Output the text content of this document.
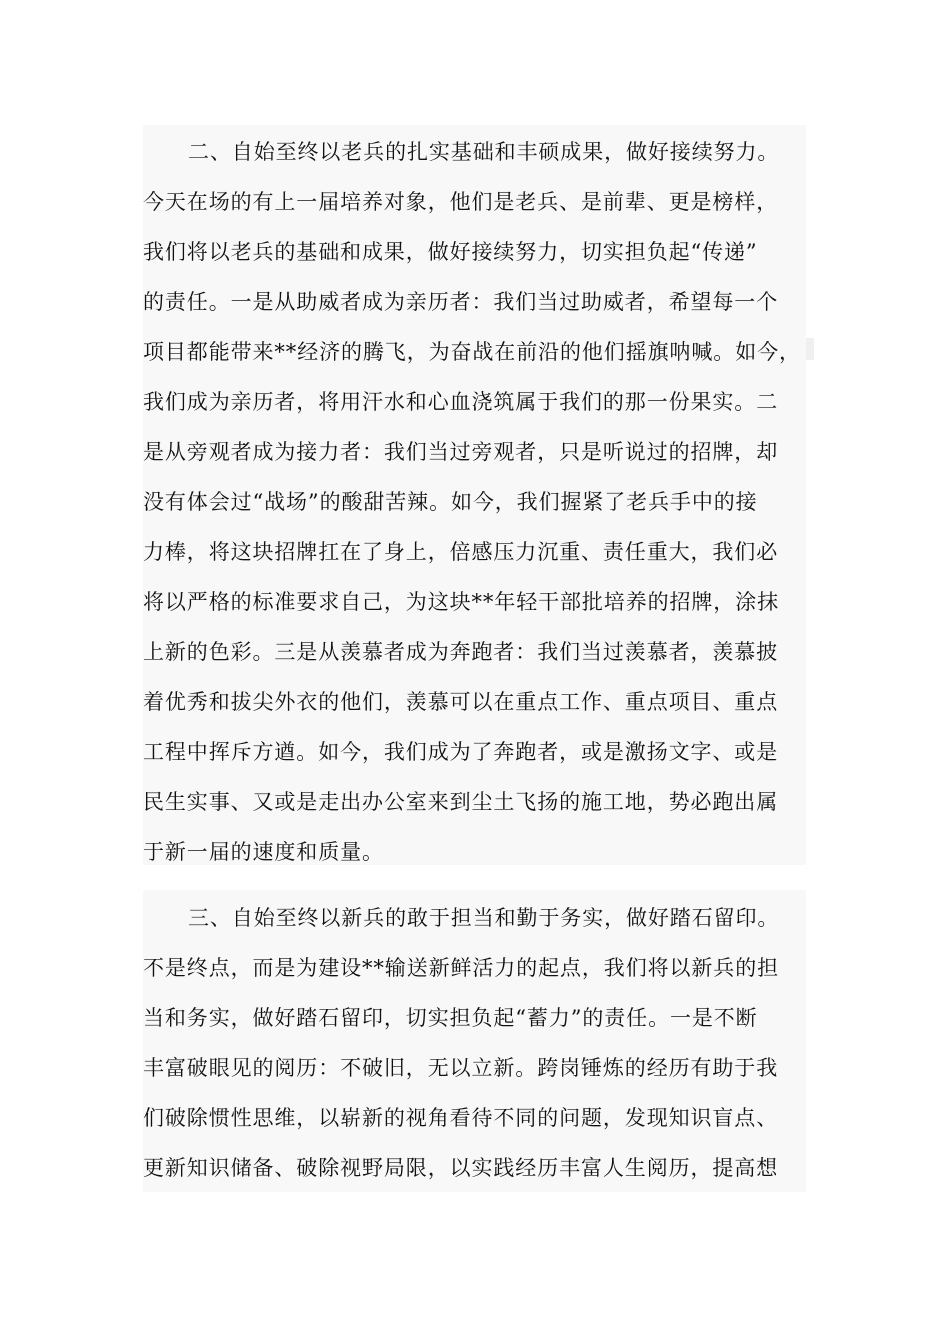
二、自始至终以老兵的扎实基础和丰硕成果，做好接续努力。
今天在场的有上一届培养对象，他们是老兵、是前辈、更是榜样，
我们将以老兵的基础和成果，做好接续努力，切实担负起“传递”
的责任。一是从助威者成为亲历者：我们当过助威者，希望每一个
项目都能带来**经济的腾飞，为奋战在前沿的他们摇旗呐喊。如今，
我们成为亲历者，将用汗水和心血浇筑属于我们的那一份果实。二
是从旁观者成为接力者：我们当过旁观者，只是听说过的招牌，却
没有体会过“战场”的酸甜苦辣。如今，我们握紧了老兵手中的接
力棒，将这块招牌扛在了身上，倍感压力沉重、责任重大，我们必
将以严格的标准要求自己，为这块**年轻干部批培养的招牌，涂抹
上新的色彩。三是从羡慕者成为奔跑者：我们当过羡慕者，羡慕披
着优秀和拔尖外衣的他们，羡慕可以在重点工作、重点项目、重点
工程中挥斥方遒。如今，我们成为了奔跑者，或是激扬文字、或是
民生实事、又或是走出办公室来到尘土飞扬的施工地，势必跑出属
于新一届的速度和质量。
三、自始至终以新兵的敢于担当和勤于务实，做好踏石留印。
不是终点，而是为建设**输送新鲜活力的起点，我们将以新兵的担
当和务实，做好踏石留印，切实担负起“蓄力”的责任。一是不断
丰富破眼见的阅历：不破旧，无以立新。跨岗锤炼的经历有助于我
们破除惯性思维，以崭新的视角看待不同的问题，发现知识盲点、
更新知识储备、破除视野局限，以实践经历丰富人生阅历，提高想
